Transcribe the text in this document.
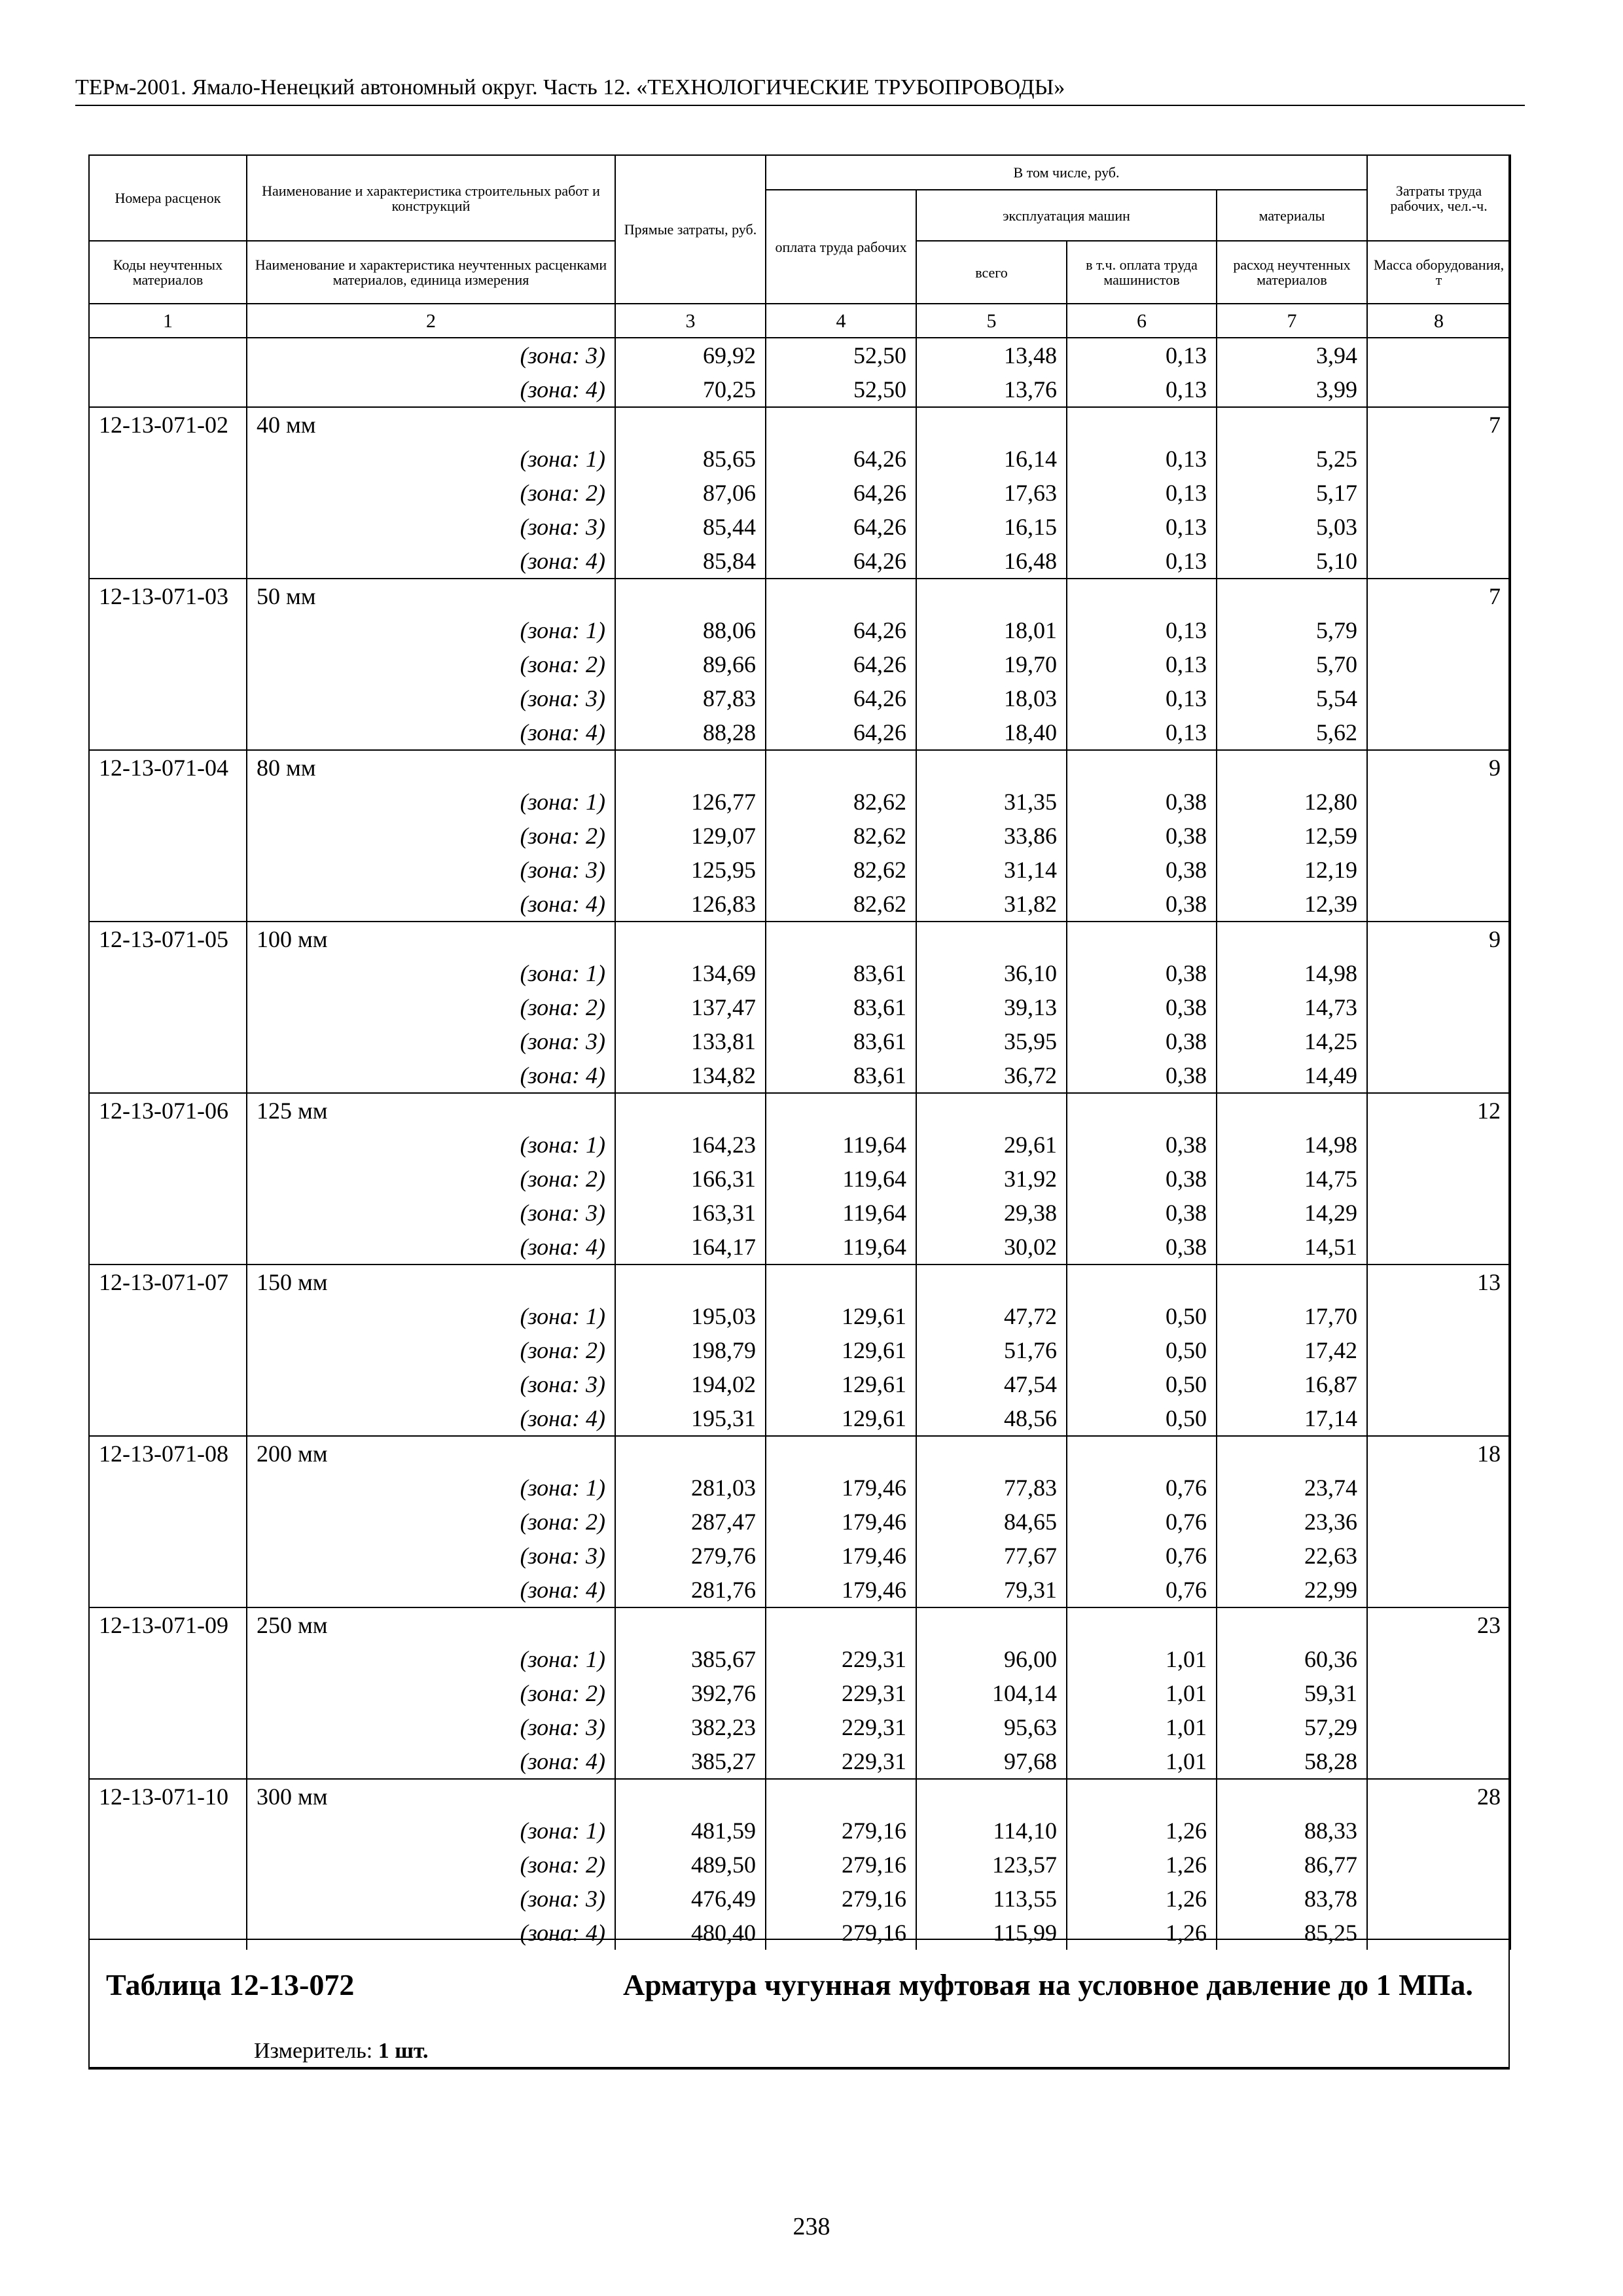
ТЕРм-2001. Ямало-Ненецкий автономный округ. Часть 12. «ТЕХНОЛОГИЧЕСКИЕ ТРУБОПРОВОДЫ»
Номера расценок	Наименование и характеристика строительных работ и конструкций	Прямые затраты, руб.	В том числе, руб.				Затраты труда рабочих, чел.-ч.
			оплата труда рабочих	эксплуатация машин		материалы	
Коды неучтенных материалов	Наименование и характеристика неучтенных расценками материалов, единица измерения			всего	в т.ч. оплата труда машинистов	расход неучтенных материалов	Масса оборудования, т

1	2	3	4	5	6	7	8
	(зона: 3)	69,92	52,50	13,48	0,13	3,94	
	(зона: 4)	70,25	52,50	13,76	0,13	3,99	
12-13-071-02	40 мм						7
	(зона: 1)	85,65	64,26	16,14	0,13	5,25	
	(зона: 2)	87,06	64,26	17,63	0,13	5,17	
	(зона: 3)	85,44	64,26	16,15	0,13	5,03	
	(зона: 4)	85,84	64,26	16,48	0,13	5,10	
12-13-071-03	50 мм						7
	(зона: 1)	88,06	64,26	18,01	0,13	5,79	
	(зона: 2)	89,66	64,26	19,70	0,13	5,70	
	(зона: 3)	87,83	64,26	18,03	0,13	5,54	
	(зона: 4)	88,28	64,26	18,40	0,13	5,62	
12-13-071-04	80 мм						9
	(зона: 1)	126,77	82,62	31,35	0,38	12,80	
	(зона: 2)	129,07	82,62	33,86	0,38	12,59	
	(зона: 3)	125,95	82,62	31,14	0,38	12,19	
	(зона: 4)	126,83	82,62	31,82	0,38	12,39	
12-13-071-05	100 мм						9
	(зона: 1)	134,69	83,61	36,10	0,38	14,98	
	(зона: 2)	137,47	83,61	39,13	0,38	14,73	
	(зона: 3)	133,81	83,61	35,95	0,38	14,25	
	(зона: 4)	134,82	83,61	36,72	0,38	14,49	
12-13-071-06	125 мм						12
	(зона: 1)	164,23	119,64	29,61	0,38	14,98	
	(зона: 2)	166,31	119,64	31,92	0,38	14,75	
	(зона: 3)	163,31	119,64	29,38	0,38	14,29	
	(зона: 4)	164,17	119,64	30,02	0,38	14,51	
12-13-071-07	150 мм						13
	(зона: 1)	195,03	129,61	47,72	0,50	17,70	
	(зона: 2)	198,79	129,61	51,76	0,50	17,42	
	(зона: 3)	194,02	129,61	47,54	0,50	16,87	
	(зона: 4)	195,31	129,61	48,56	0,50	17,14	
12-13-071-08	200 мм						18
	(зона: 1)	281,03	179,46	77,83	0,76	23,74	
	(зона: 2)	287,47	179,46	84,65	0,76	23,36	
	(зона: 3)	279,76	179,46	77,67	0,76	22,63	
	(зона: 4)	281,76	179,46	79,31	0,76	22,99	
12-13-071-09	250 мм						23
	(зона: 1)	385,67	229,31	96,00	1,01	60,36	
	(зона: 2)	392,76	229,31	104,14	1,01	59,31	
	(зона: 3)	382,23	229,31	95,63	1,01	57,29	
	(зона: 4)	385,27	229,31	97,68	1,01	58,28	
12-13-071-10	300 мм						28
	(зона: 1)	481,59	279,16	114,10	1,26	88,33	
	(зона: 2)	489,50	279,16	123,57	1,26	86,77	
	(зона: 3)	476,49	279,16	113,55	1,26	83,78	
	(зона: 4)	480,40	279,16	115,99	1,26	85,25	
Таблица 12-13-072	Арматура чугунная муфтовая на условное давление до 1 МПа.
Измеритель: 1 шт.
238
